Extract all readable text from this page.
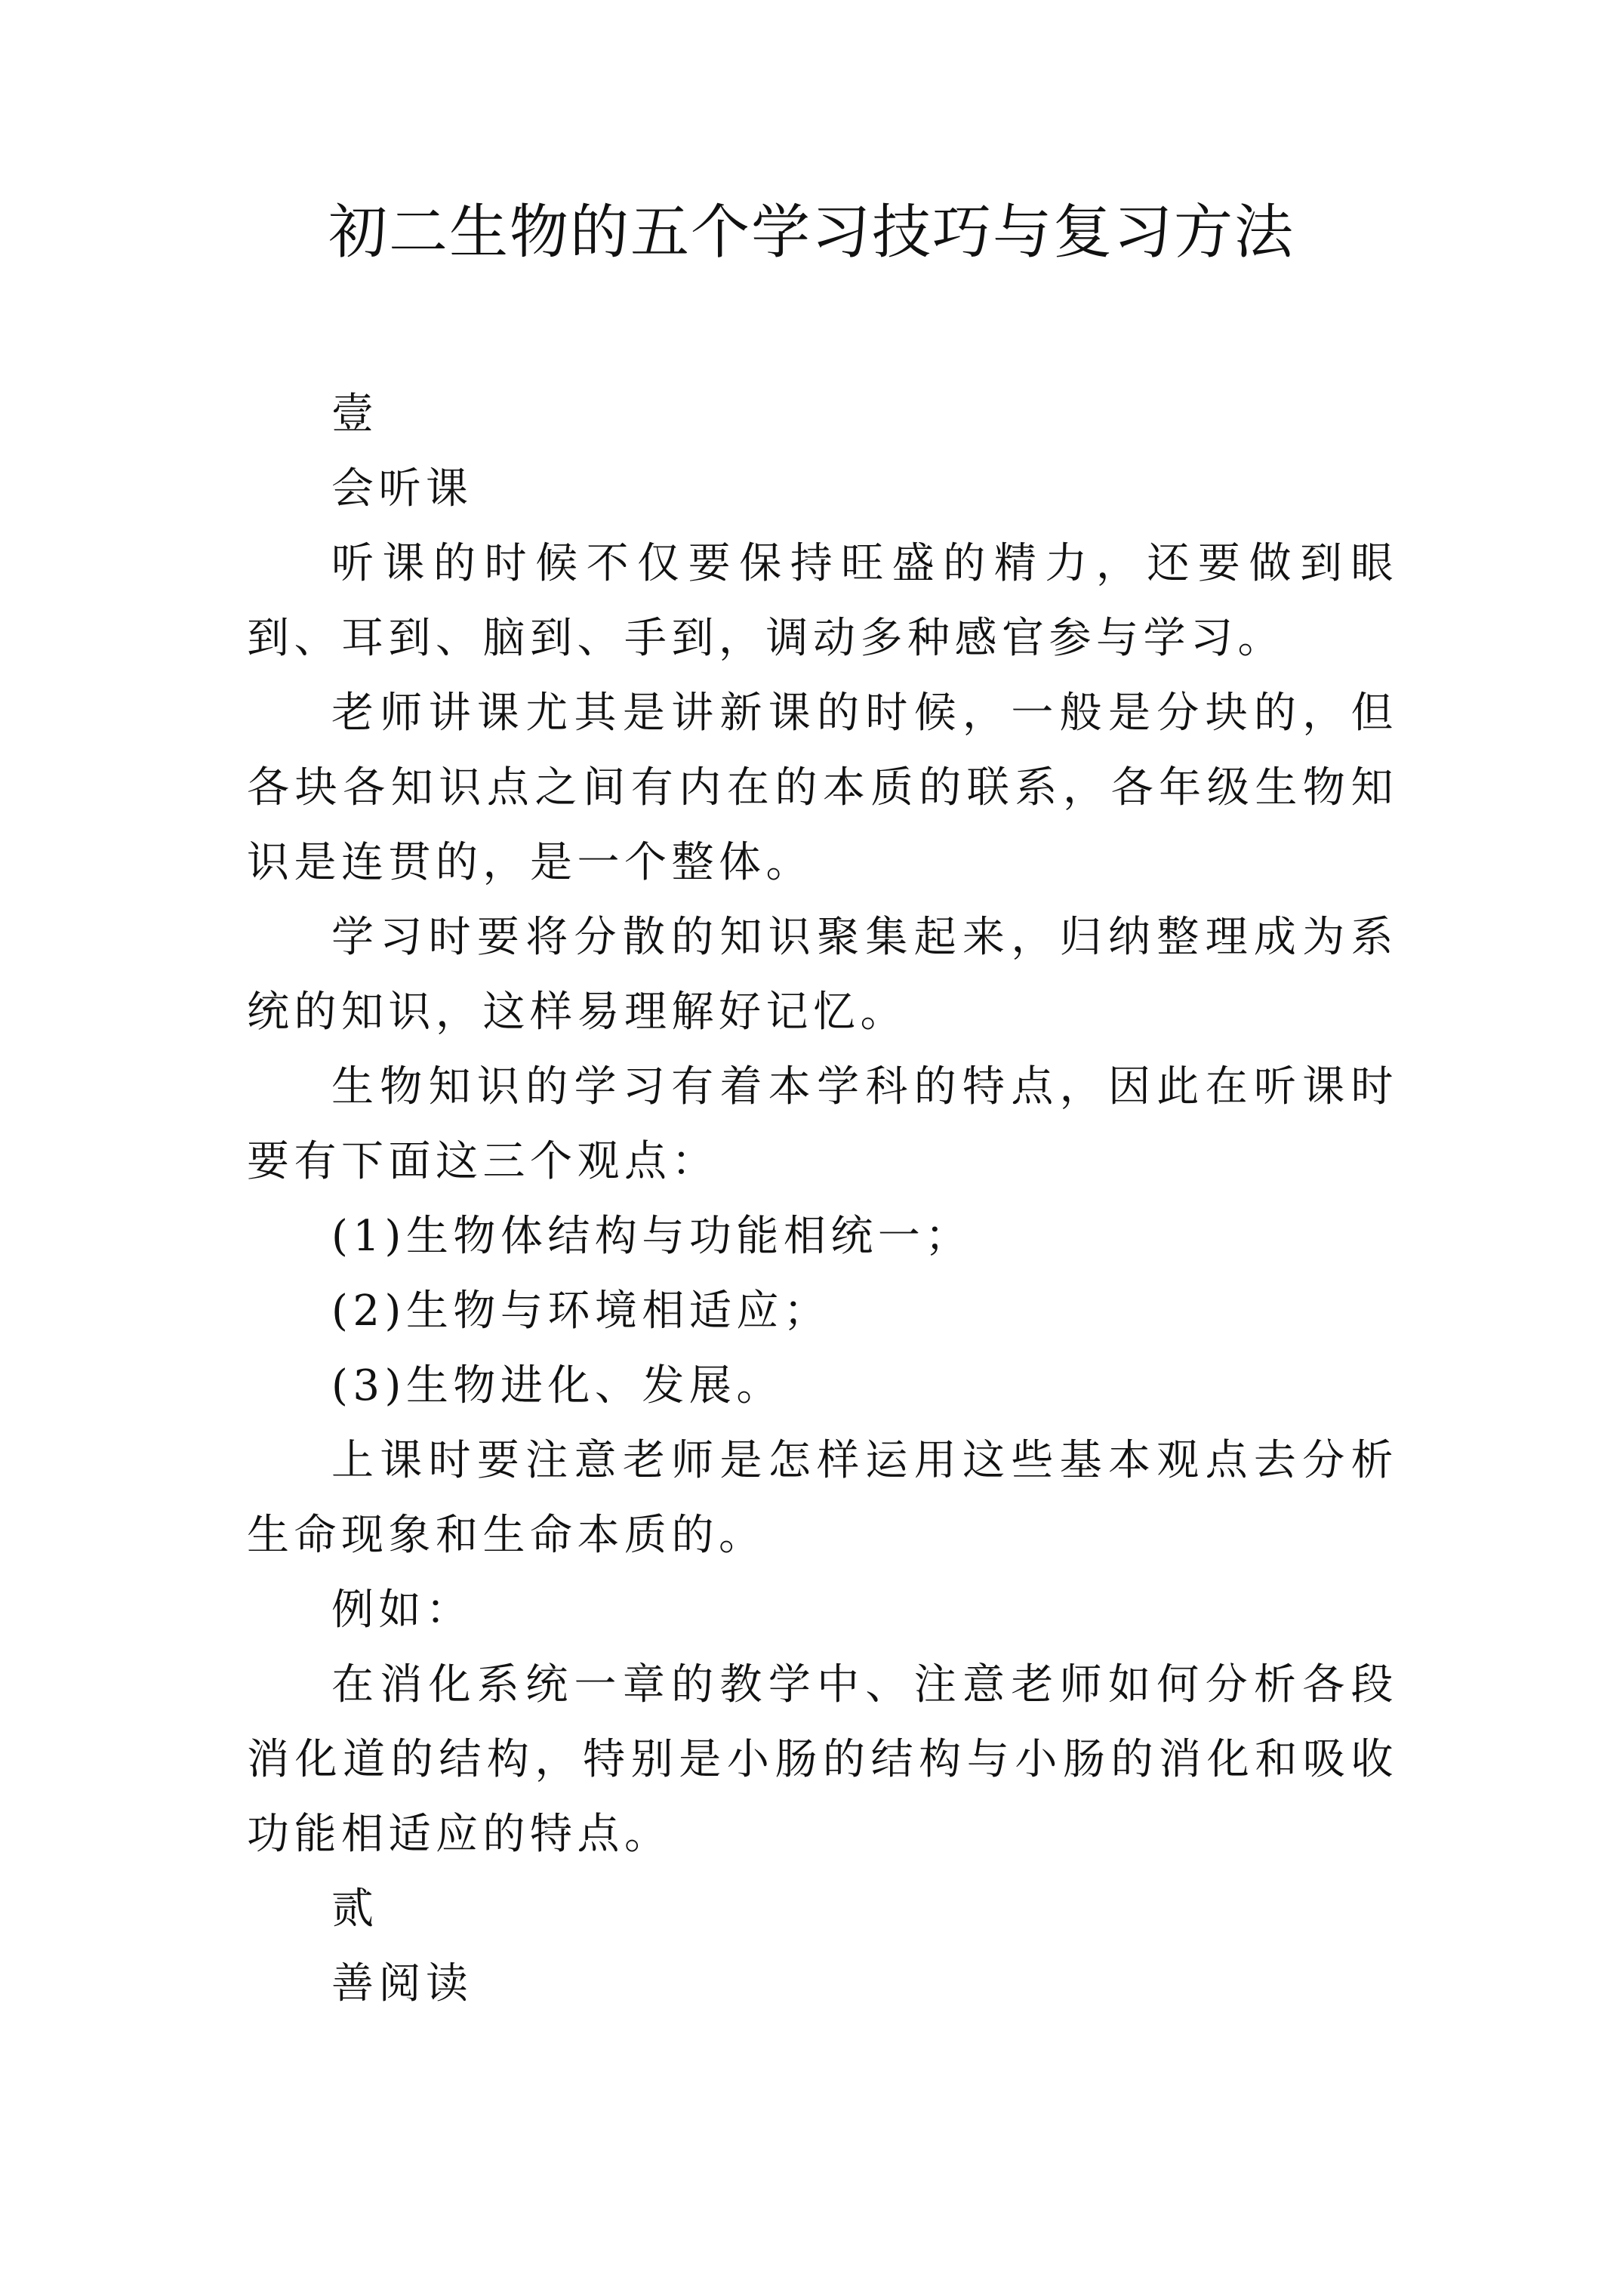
初二生物的五个学习技巧与复习方法

壹

会听课

听课的时候不仅要保持旺盛的精力，还要做到眼到、耳到、脑到、手到，调动多种感官参与学习。

老师讲课尤其是讲新课的时候，一般是分块的，但各块各知识点之间有内在的本质的联系，各年级生物知识是连贯的，是一个整体。

学习时要将分散的知识聚集起来，归纳整理成为系统的知识，这样易理解好记忆。

生物知识的学习有着本学科的特点，因此在听课时要有下面这三个观点：

(1)生物体结构与功能相统一；

(2)生物与环境相适应；

(3)生物进化、发展。

上课时要注意老师是怎样运用这些基本观点去分析生命现象和生命本质的。

例如：

在消化系统一章的教学中、注意老师如何分析各段消化道的结构，特别是小肠的结构与小肠的消化和吸收功能相适应的特点。

贰

善阅读
